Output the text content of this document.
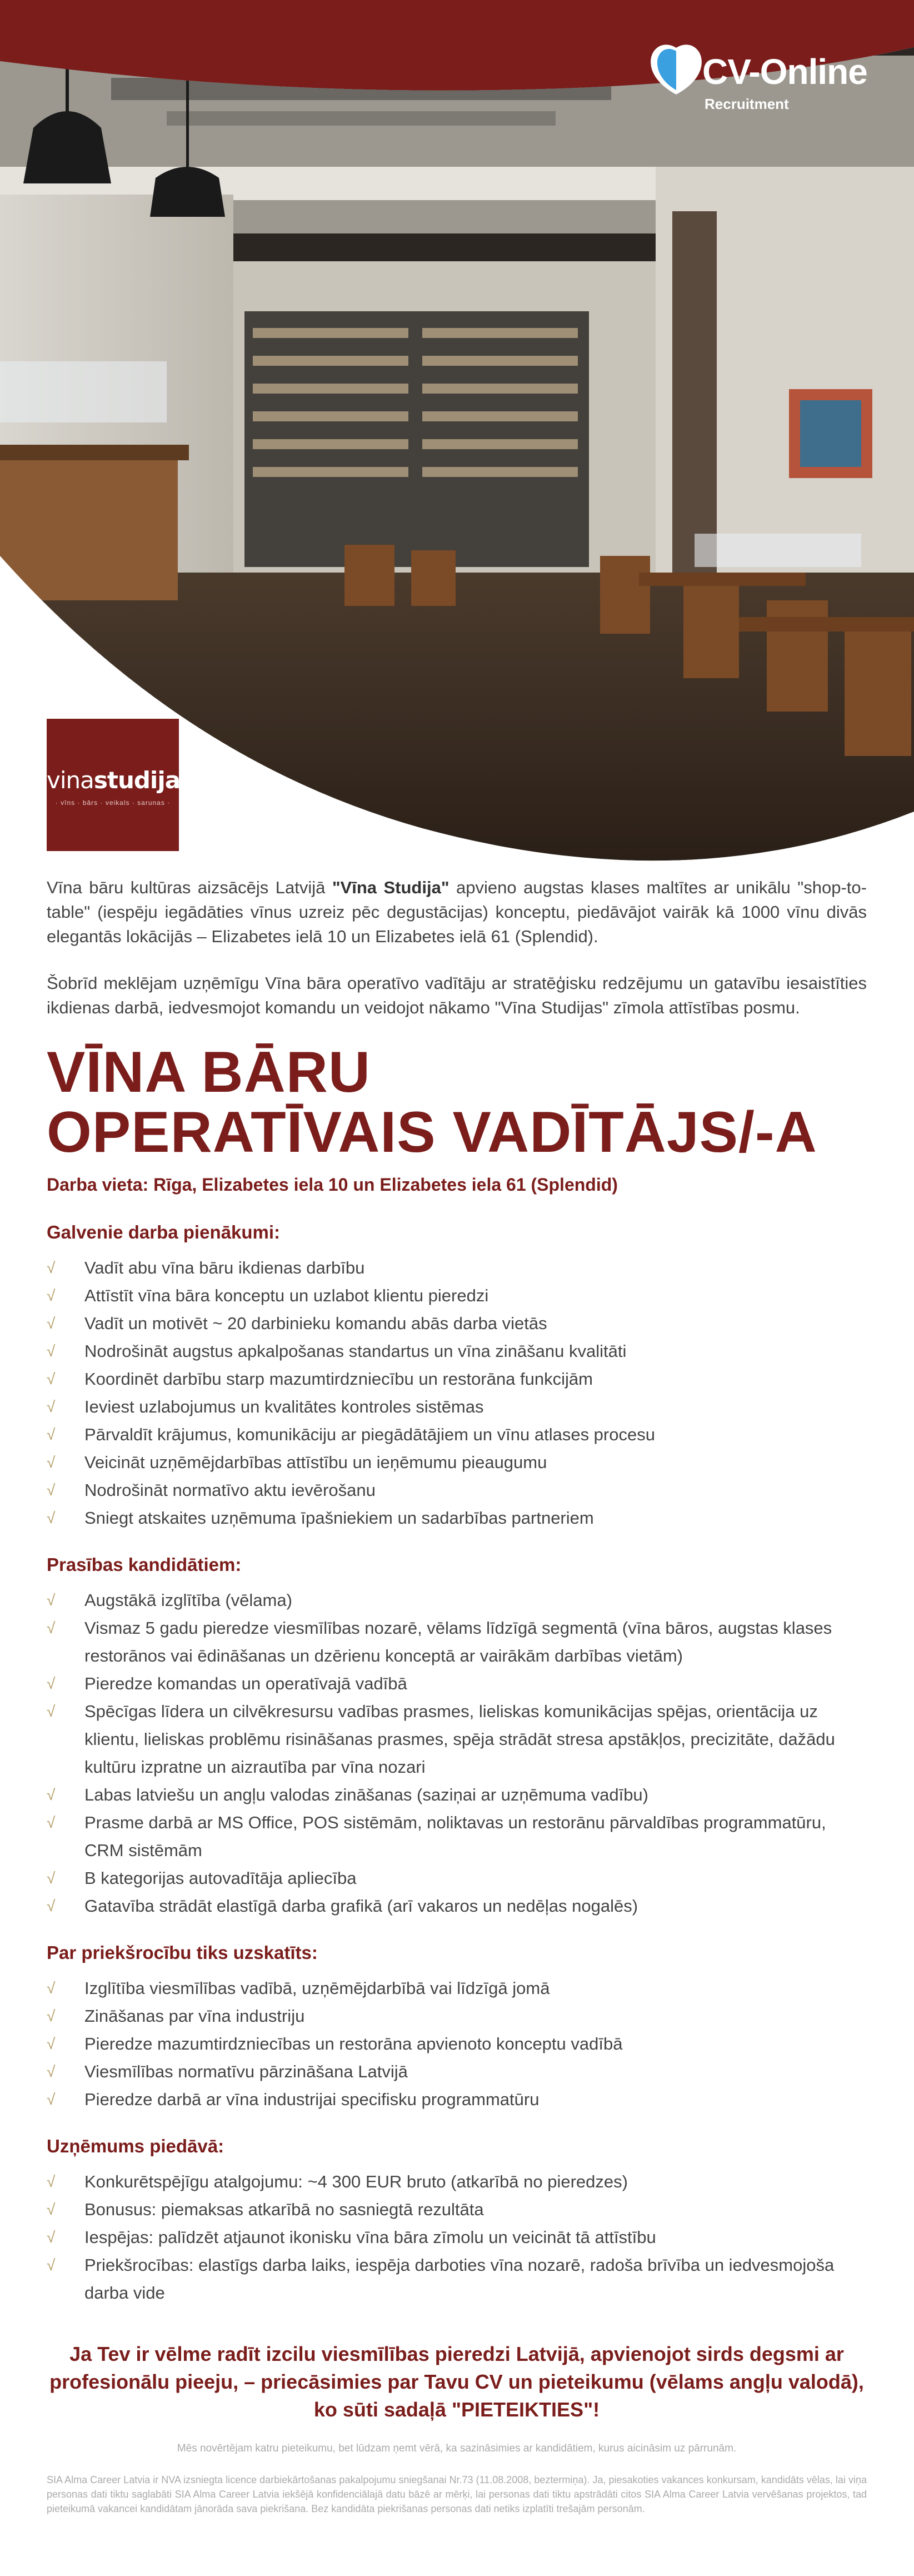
CV-Online
Recruitment
vinastudija
· vīns · bārs · veikals · sarunas ·

Vīna bāru kultūras aizsācējs Latvijā "Vīna Studija" apvieno augstas klases maltītes ar unikālu "shop-to-table" (iespēju iegādāties vīnus uzreiz pēc degustācijas) konceptu, piedāvājot vairāk kā 1000 vīnu divās elegantās lokācijās – Elizabetes ielā 10 un Elizabetes ielā 61 (Splendid).

Šobrīd meklējam uzņēmīgu Vīna bāra operatīvo vadītāju ar stratēģisku redzējumu un gatavību iesaistīties ikdienas darbā, iedvesmojot komandu un veidojot nākamo "Vīna Studijas" zīmola attīstības posmu.

VĪNA BĀRU
OPERATĪVAIS VADĪTĀJS/-A
Darba vieta: Rīga, Elizabetes iela 10 un Elizabetes iela 61 (Splendid)
Galvenie darba pienākumi:
√	Vadīt abu vīna bāru ikdienas darbību
√	Attīstīt vīna bāra konceptu un uzlabot klientu pieredzi
√	Vadīt un motivēt ~ 20 darbinieku komandu abās darba vietās
√	Nodrošināt augstus apkalpošanas standartus un vīna zināšanu kvalitāti
√	Koordinēt darbību starp mazumtirdzniecību un restorāna funkcijām
√	Ieviest uzlabojumus un kvalitātes kontroles sistēmas
√	Pārvaldīt krājumus, komunikāciju ar piegādātājiem un vīnu atlases procesu
√	Veicināt uzņēmējdarbības attīstību un ieņēmumu pieaugumu
√	Nodrošināt normatīvo aktu ievērošanu
√	Sniegt atskaites uzņēmuma īpašniekiem un sadarbības partneriem
Prasības kandidātiem:
√	Augstākā izglītība (vēlama)
√	Vismaz 5 gadu pieredze viesmīlības nozarē, vēlams līdzīgā segmentā (vīna bāros, augstas klases restorānos vai ēdināšanas un dzērienu konceptā ar vairākām darbības vietām)
√	Pieredze komandas un operatīvajā vadībā
√	Spēcīgas līdera un cilvēkresursu vadības prasmes, lieliskas komunikācijas spējas, orientācija uz klientu, lieliskas problēmu risināšanas prasmes, spēja strādāt stresa apstākļos, precizitāte, dažādu kultūru izpratne un aizrautība par vīna nozari
√	Labas latviešu un angļu valodas zināšanas (saziņai ar uzņēmuma vadību)
√	Prasme darbā ar MS Office, POS sistēmām, noliktavas un restorānu pārvaldības programmatūru, CRM sistēmām
√	B kategorijas autovadītāja apliecība
√	Gatavība strādāt elastīgā darba grafikā (arī vakaros un nedēļas nogalēs)
Par priekšrocību tiks uzskatīts:
√	Izglītība viesmīlības vadībā, uzņēmējdarbībā vai līdzīgā jomā
√	Zināšanas par vīna industriju
√	Pieredze mazumtirdzniecības un restorāna apvienoto konceptu vadībā
√	Viesmīlības normatīvu pārzināšana Latvijā
√	Pieredze darbā ar vīna industrijai specifisku programmatūru
Uzņēmums piedāvā:
√	Konkurētspējīgu atalgojumu: ~4 300 EUR bruto (atkarībā no pieredzes)
√	Bonusus: piemaksas atkarībā no sasniegtā rezultāta
√	Iespējas: palīdzēt atjaunot ikonisku vīna bāra zīmolu un veicināt tā attīstību
√	Priekšrocības: elastīgs darba laiks, iespēja darboties vīna nozarē, radoša brīvība un iedvesmojoša darba vide
Ja Tev ir vēlme radīt izcilu viesmīlības pieredzi Latvijā, apvienojot sirds degsmi ar
profesionālu pieeju, – priecāsimies par Tavu CV un pieteikumu (vēlams angļu valodā),
ko sūti sadaļā "PIETEIKTIES"!
Mēs novērtējam katru pieteikumu, bet lūdzam ņemt vērā, ka sazināsimies ar kandidātiem, kurus aicināsim uz pārrunām.
SIA Alma Career Latvia ir NVA izsniegta licence darbiekārtošanas pakalpojumu sniegšanai Nr.73 (11.08.2008, beztermiņa). Ja, piesakoties vakances konkursam, kandidāts vēlas, lai viņa personas dati tiktu saglabāti SIA Alma Career Latvia iekšējā konfidenciālajā datu bāzē ar mērķi, lai personas dati tiktu apstrādāti citos SIA Alma Career Latvia vervēšanas projektos, tad pieteikumā vakancei kandidātam jānorāda sava piekrišana. Bez kandidāta piekrišanas personas dati netiks izplatīti trešajām personām.
